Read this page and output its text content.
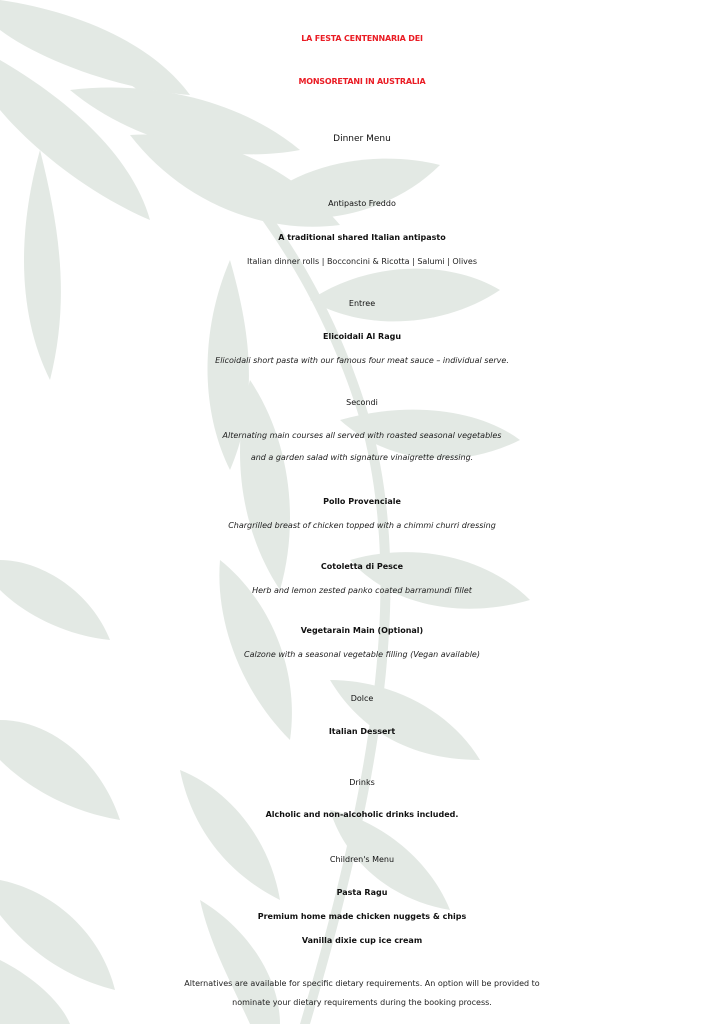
LA FESTA CENTENNARIA DEI
MONSORETANI IN AUSTRALIA
Dinner Menu
Antipasto Freddo
A traditional shared Italian antipasto
Italian dinner rolls | Bocconcini & Ricotta | Salumi | Olives
Entree
Elicoidali Al Ragu
Elicoidali short pasta with our famous four meat sauce – individual serve.
Secondi
Alternating main courses all served with roasted seasonal vegetables
and a garden salad with signature vinaigrette dressing.
Pollo Provenciale
Chargrilled breast of chicken topped with a chimmi churri dressing
Cotoletta di Pesce
Herb and lemon zested panko coated barramundi fillet
Vegetarain Main (Optional)
Calzone with a seasonal vegetable filling (Vegan available)
Dolce
Italian Dessert
Drinks
Alcholic and non-alcoholic drinks included.
Children's Menu
Pasta Ragu
Premium home made chicken nuggets & chips
Vanilla dixie cup ice cream
Alternatives are available for specific dietary requirements. An option will be provided to
nominate your dietary requirements during the booking process.
